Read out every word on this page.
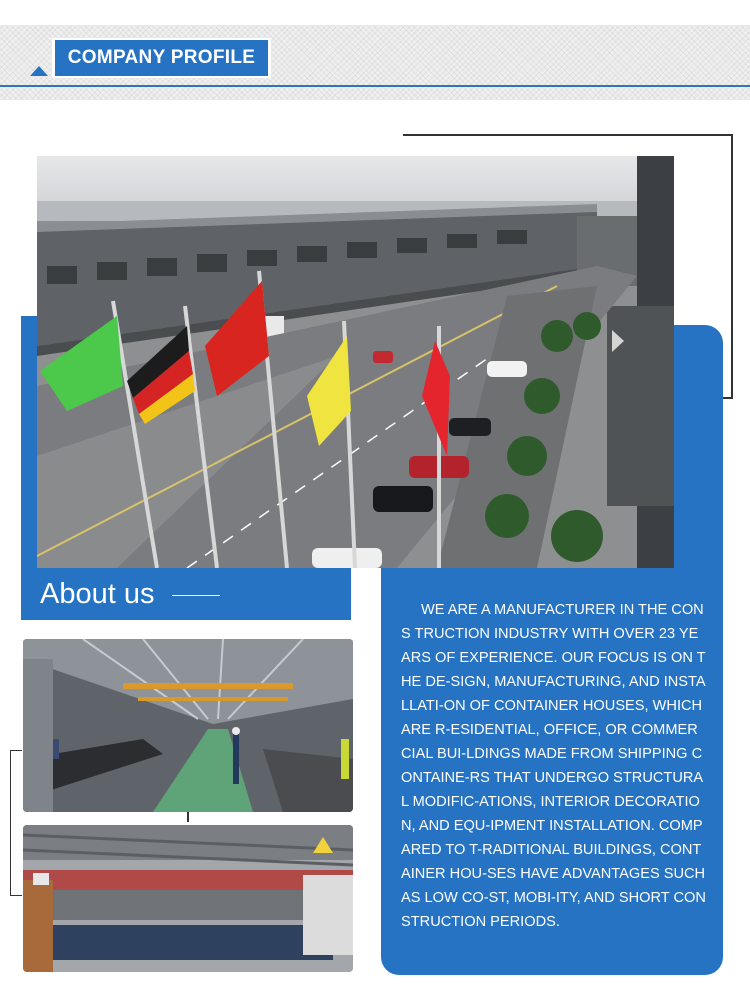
COMPANY PROFILE
About us	WE ARE A MANUFACTURER IN THE CONS TRUCTION INDUSTRY WITH OVER 23 YEARS OF EXPERIENCE. OUR FOCUS IS ON THE DE-SIGN, MANUFACTURING, AND INSTALLATI-ON OF CONTAINER HOUSES, WHICH ARE R-ESIDENTIAL, OFFICE, OR COMMERCIAL BUI-LDINGS MADE FROM SHIPPING CONTAINE-RS THAT UNDERGO STRUCTURAL MODIFIC-ATIONS, INTERIOR DECORATION, AND EQU-IPMENT INSTALLATION. COMPARED TO T-RADITIONAL BUILDINGS, CONTAINER HOU-SES HAVE ADVANTAGES SUCH AS LOW CO-ST, MOBI-ITY, AND SHORT CONSTRUCTION PERIODS.
